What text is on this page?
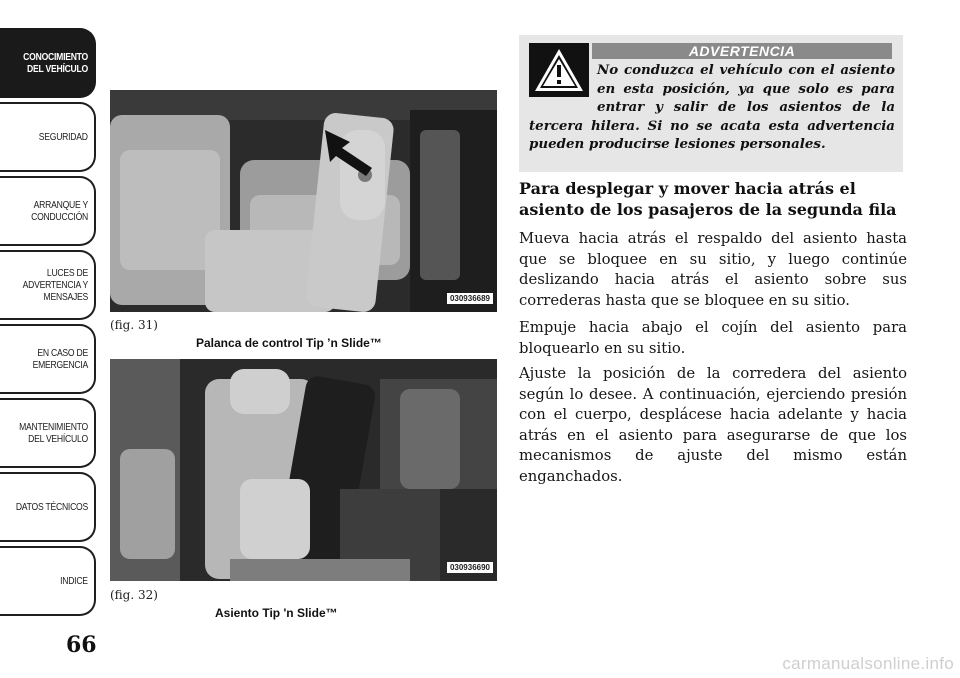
CONOCIMIENTO DEL VEHÍCULO
SEGURIDAD
ARRANQUE Y CONDUCCIÓN
LUCES DE ADVERTENCIA Y MENSAJES
EN CASO DE EMERGENCIA
MANTENIMIENTO DEL VEHÍCULO
DATOS TÉCNICOS
INDICE
66
030936689
(fig. 31)
Palanca de control Tip ’n Slide™
030936690
(fig. 32)
Asiento Tip 'n Slide™
ADVERTENCIA
No conduzca el vehículo con el asiento en esta posición, ya que solo es para entrar y salir de los asientos de la tercera hilera. Si no se acata esta advertencia pueden producirse lesiones personales.
Para desplegar y mover hacia atrás el asiento de los pasajeros de la segunda fila

Mueva hacia atrás el respaldo del asiento hasta que se bloquee en su sitio, y luego continúe deslizando hacia atrás el asiento sobre sus correderas hasta que se bloquee en su sitio.

Empuje hacia abajo el cojín del asiento para bloquearlo en su sitio.

Ajuste la posición de la corredera del asiento según lo desee. A continuación, ejerciendo presión con el cuerpo, desplácese hacia adelante y hacia atrás en el asiento para asegurarse de que los mecanismos de ajuste del mismo están enganchados.

carmanualsonline.info
